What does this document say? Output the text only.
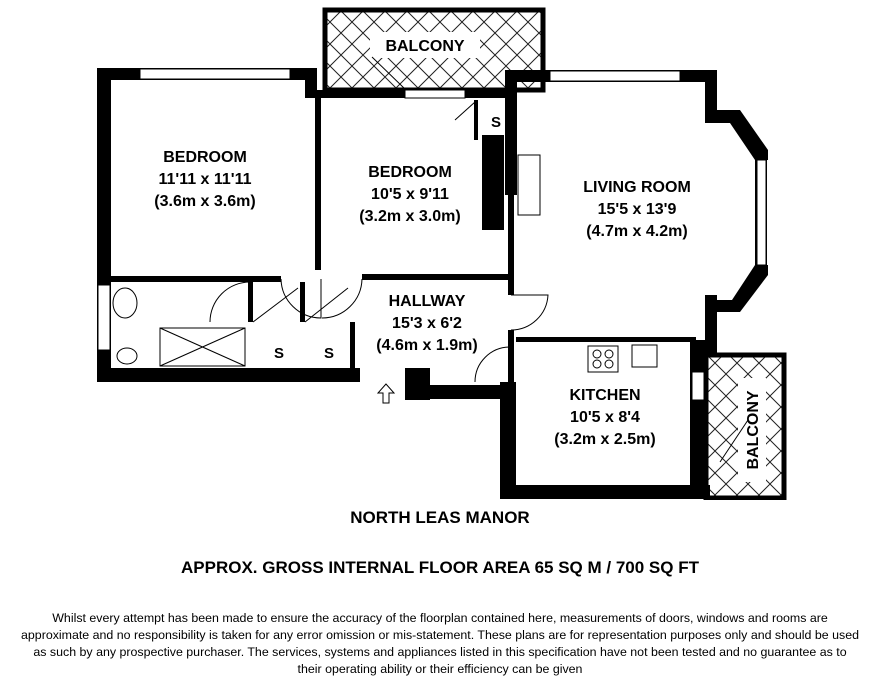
BALCONY
BEDROOM
11'11 x 11'11
(3.6m x 3.6m)
BEDROOM
10'5 x 9'11
(3.2m x 3.0m)
LIVING ROOM
15'5 x 13'9
(4.7m x 4.2m)
HALLWAY
15'3 x 6'2
(4.6m x 1.9m)
KITCHEN
10'5 x 8'4
(3.2m x 2.5m)	BALCONY
S
S	S
NORTH LEAS MANOR
APPROX. GROSS INTERNAL FLOOR AREA 65 SQ M / 700 SQ FT
Whilst every attempt has been made to ensure the accuracy of the floorplan contained here, measurements of doors, windows and rooms are approximate and no responsibility is taken for any error omission or mis-statement. These plans are for representation purposes only and should be used as such by any prospective purchaser. The services, systems and appliances listed in this specification have not been tested and no guarantee as to their operating ability or their efficiency can be given
